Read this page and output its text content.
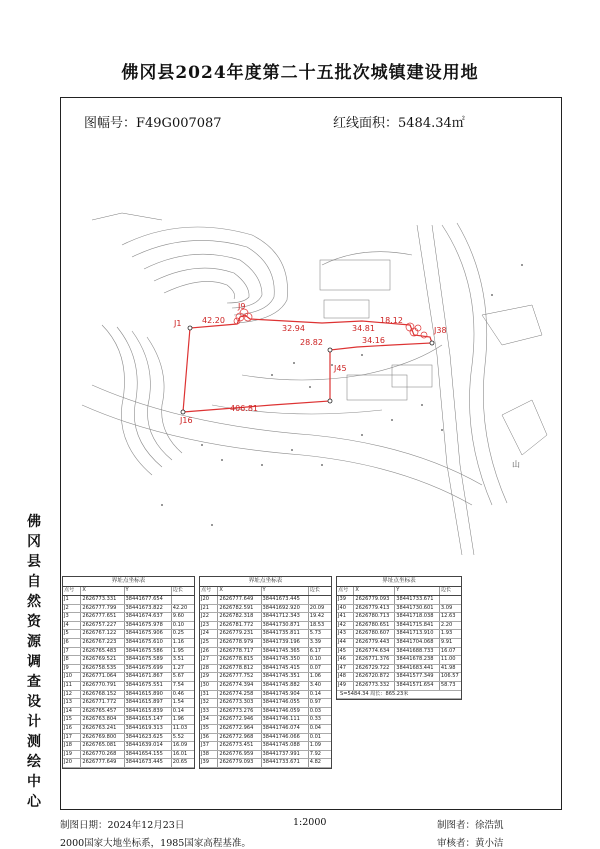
佛冈县2024年度第二十五批次城镇建设用地
图幅号：F49G007087	红线面积：5484.34㎡
J1
J9
J16
J38
J45
42.20
32.94	34.81
406.81
18.12
34.16
28.82
山
佛
冈
县
自
然
资
源
调
查
设
计
测
绘
中
心
界址点坐标表
点号	X	Y	边长
J1	2626773.331	38441677.654
J2	2626777.799	38441673.822	42.20
J3	2626777.651	38441674.637	9.60
J4	2626757.227	38441675.978	0.10
J5	2626767.122	38441675.906	0.25
J6	2626767.223	38441675.610	1.16
J7	2626765.483	38441675.586	1.95
J8	2626769.521	38441675.589	3.51
J9	2626758.535	38441675.699	1.27
J10	2626771.064	38441671.867	5.67
J11	2626770.791	38441675.551	7.54
J12	2626768.152	38441615.890	0.46
J13	2626771.772	38441615.897	1.54
J14	2626765.457	38441615.839	0.14
J15	2626763.804	38441615.147	1.96
J16	2626763.241	38441619.313	11.03
J17	2626769.800	38441623.625	5.52
J18	2626765.081	38441639.014	16.09
J19	2626770.268	38441654.155	16.01
J20	2626777.649	38441673.445	20.65
界址点坐标表
点号	X	Y	边长
J20	2626777.649	38441673.445
J21	2626782.591	38441692.920	20.09
J22	2626782.318	38441712.343	19.42
J23	2626781.772	38441730.871	18.53
J24	2626779.231	38441735.811	5.73
J25	2626778.979	38441739.196	3.39
J26	2626778.717	38441745.365	6.17
J27	2626778.815	38441745.350	0.10
J28	2626778.812	38441745.415	0.07
J29	2626777.752	38441745.351	1.06
J30	2626774.394	38441745.882	3.40
J31	2626774.258	38441745.904	0.14
J32	2626773.303	38441746.055	0.97
J33	2626773.276	38441746.059	0.03
J34	2626772.946	38441746.111	0.33
J35	2626772.964	38441746.074	0.04
J36	2626772.968	38441746.066	0.01
J37	2626773.451	38441745.088	1.09
J38	2626776.959	38441737.991	7.92
J39	2626779.093	38441733.671	4.82
界址点坐标表
点号	X	Y	边长
J39	2626779.093	38441733.671
J40	2626779.413	38441730.601	3.09
J41	2626780.713	38441718.038	12.63
J42	2626780.651	38441715.841	2.20
J43	2626780.607	38441713.910	1.93
J44	2626779.443	38441704.068	9.91
J45	2626774.634	38441688.733	16.07
J46	2626771.376	38441678.238	11.00
J47	2626729.722	38441683.441	41.98
J48	2626720.872	38441577.349	106.57
J49	2626773.332	38441571.654	58.73
S=5484.34 周长：865.23米
制图日期：2024年12月23日	1:2000	制图者：徐浩凯
2000国家大地坐标系，1985国家高程基准。	审核者：黄小洁
